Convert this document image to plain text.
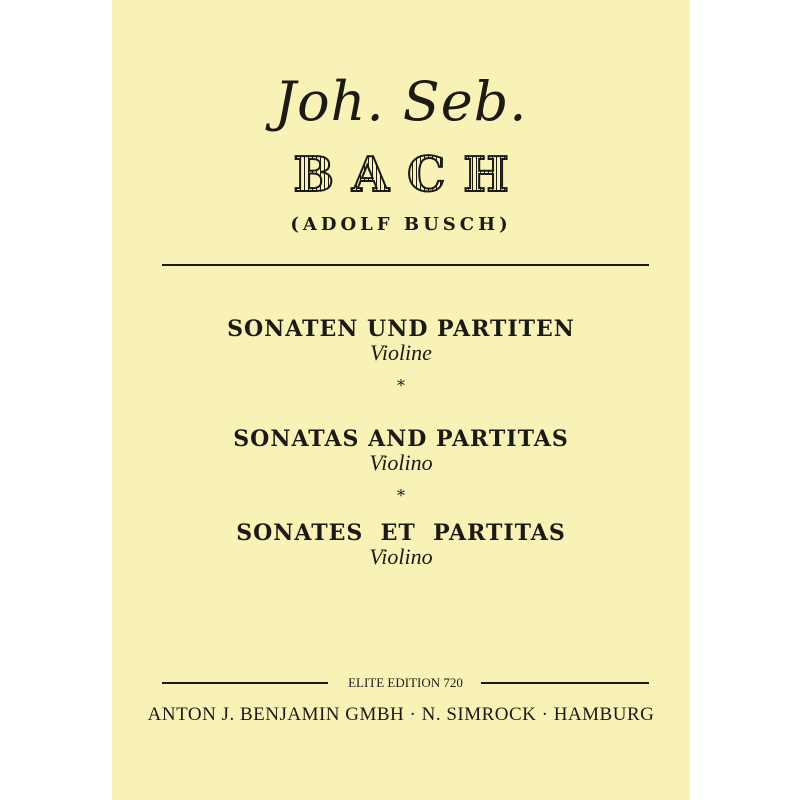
Joh. Seb.
BACH
(ADOLF BUSCH)
SONATEN UND PARTITEN
Violine
*
SONATAS AND PARTITAS
Violino
*
SONATES  ET  PARTITAS
Violino
ELITE EDITION 720
ANTON J. BENJAMIN GMBH · N. SIMROCK · HAMBURG
